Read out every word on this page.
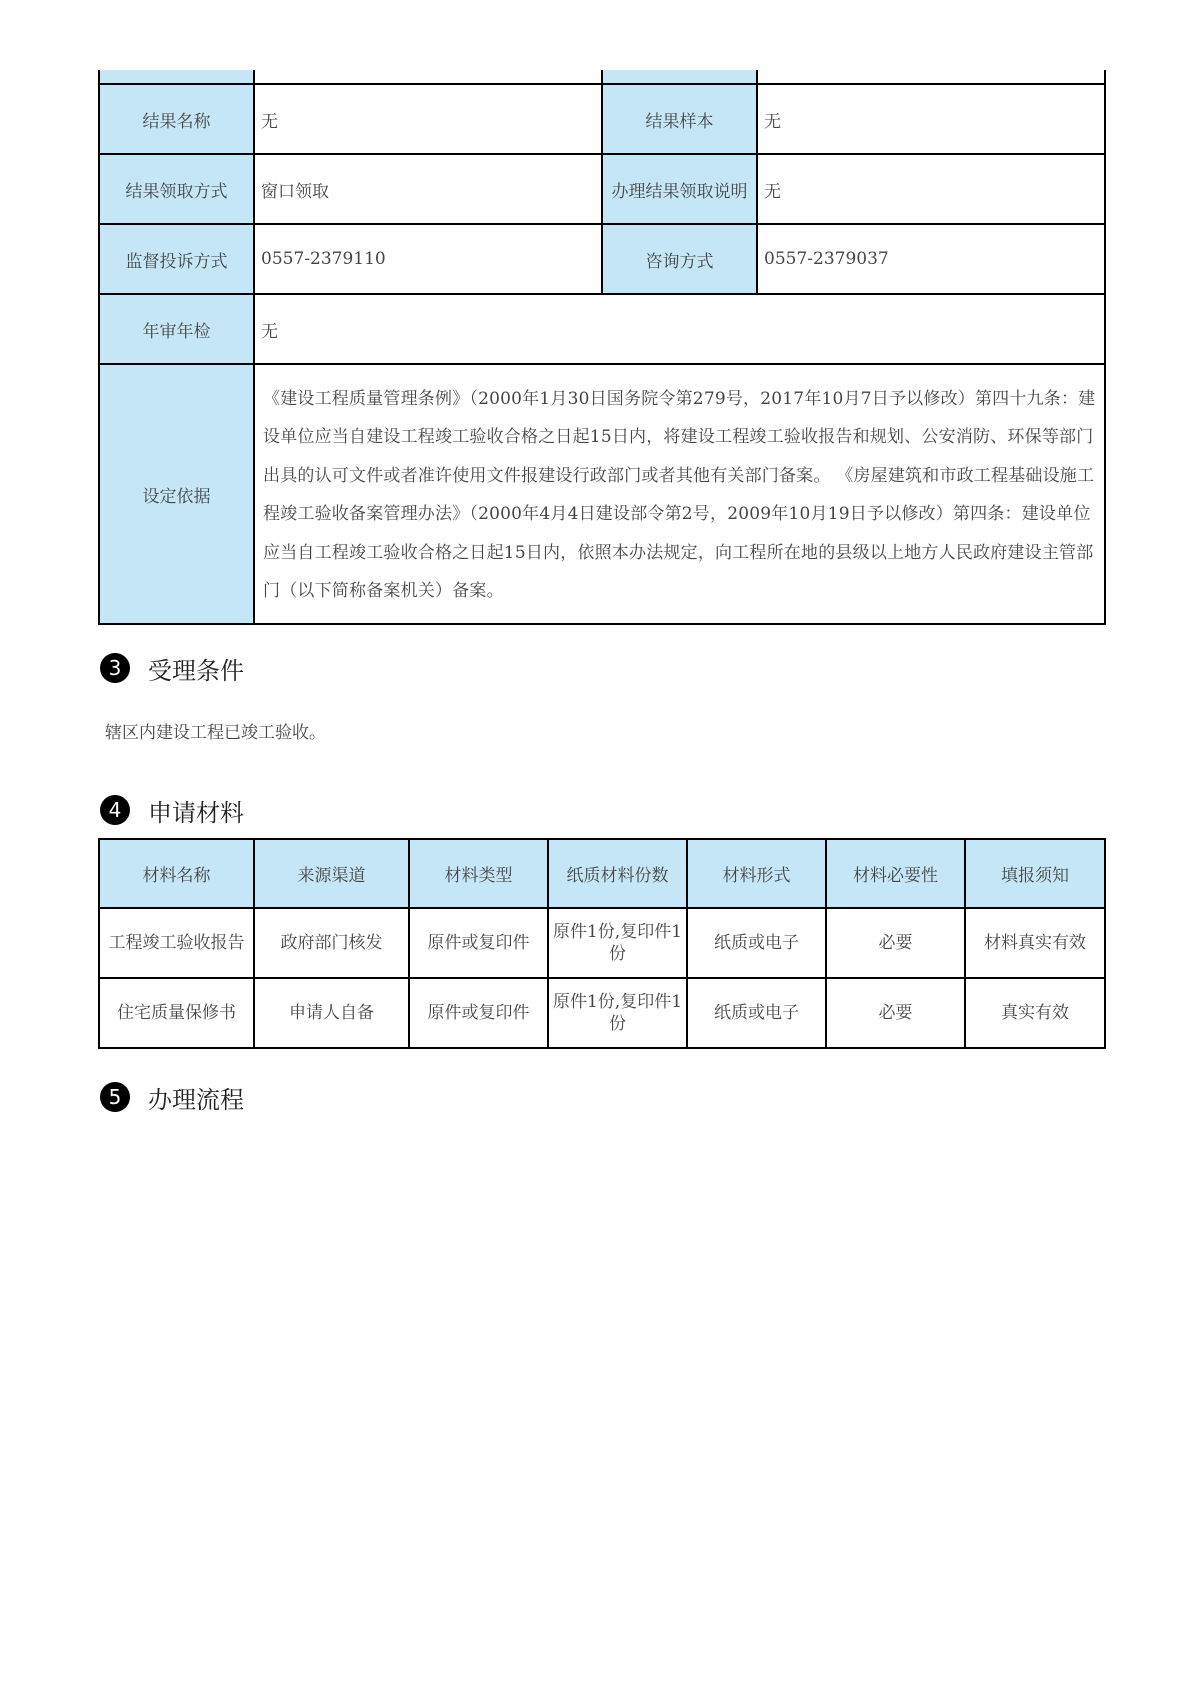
结果名称	无	结果样本	无
结果领取方式	窗口领取	办理结果领取说明	无
监督投诉方式	0557-2379110	咨询方式	0557-2379037
年审年检	无		
设定依据	《建设工程质量管理条例》（2000年1月30日国务院令第279号，2017年10月7日予以修改）第四十九条：建设单位应当自建设工程竣工验收合格之日起15日内，将建设工程竣工验收报告和规划、公安消防、环保等部门出具的认可文件或者准许使用文件报建设行政部门或者其他有关部门备案。 《房屋建筑和市政工程基础设施工程竣工验收备案管理办法》（2000年4月4日建设部令第2号，2009年10月19日予以修改）第四条：建设单位应当自工程竣工验收合格之日起15日内，依照本办法规定，向工程所在地的县级以上地方人民政府建设主管部门（以下简称备案机关）备案。		
3	受理条件
辖区内建设工程已竣工验收。
4	申请材料
材料名称	来源渠道	材料类型	纸质材料份数	材料形式	材料必要性	填报须知
工程竣工验收报告	政府部门核发	原件或复印件	原件1份,复印件1份	纸质或电子	必要	材料真实有效
住宅质量保修书	申请人自备	原件或复印件	原件1份,复印件1份	纸质或电子	必要	真实有效
5	办理流程
